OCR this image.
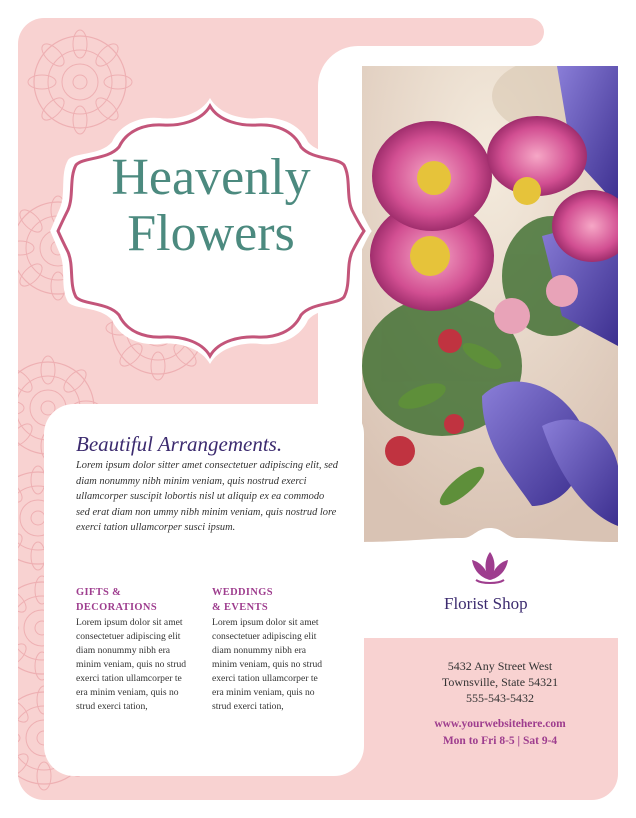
Heavenly
Flowers
Beautiful Arrangements.
Lorem ipsum dolor sitter amet consectetuer adipiscing elit, sed diam nonummy nibh minim veniam, quis nostrud exerci ullamcorper suscipit lobortis nisl ut aliquip ex ea commodo sed erat diam non ummy nibh minim veniam, quis nostrud lore exerci tation ullamcorper susci ipsum.
GIFTS &
DECORATIONS
Lorem ipsum dolor sit amet consectetuer adipiscing elit diam nonummy nibh era minim veniam, quis no strud exerci tation ullamcorper te era minim veniam, quis no strud exerci tation,
WEDDINGS
& EVENTS
Lorem ipsum dolor sit amet consectetuer adipiscing elit diam nonummy nibh era minim veniam, quis no strud exerci tation ullamcorper te era minim veniam, quis no strud exerci tation,
Florist Shop
5432 Any Street West
Townsville, State 54321
555-543-5432
www.yourwebsitehere.com
Mon to Fri 8-5 | Sat 9-4
